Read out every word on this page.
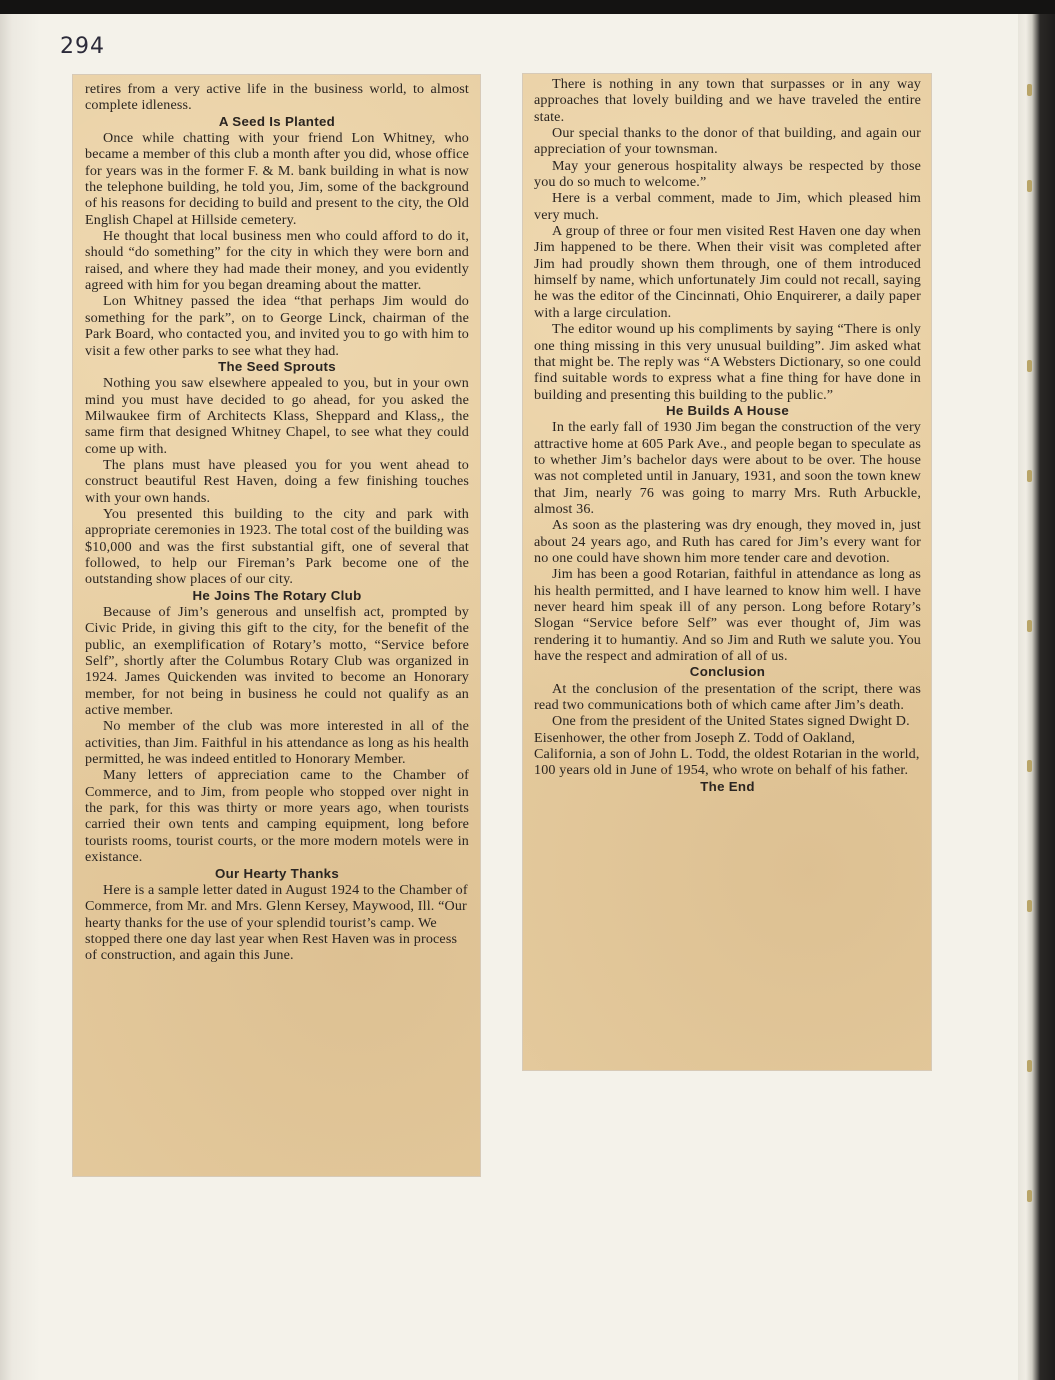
294

retires from a very active life in the business world, to almost complete idleness.

A Seed Is Planted

Once while chatting with your friend Lon Whitney, who became a member of this club a month after you did, whose office for years was in the former F. & M. bank building in what is now the telephone building, he told you, Jim, some of the background of his reasons for deciding to build and present to the city, the Old English Chapel at Hillside cemetery.

He thought that local business men who could afford to do it, should “do something” for the city in which they were born and raised, and where they had made their money, and you evidently agreed with him for you began dreaming about the matter.

Lon Whitney passed the idea “that perhaps Jim would do something for the park”, on to George Linck, chairman of the Park Board, who contacted you, and invited you to go with him to visit a few other parks to see what they had.

The Seed Sprouts

Nothing you saw elsewhere appealed to you, but in your own mind you must have decided to go ahead, for you asked the Milwaukee firm of Architects Klass, Sheppard and Klass,, the same firm that designed Whitney Chapel, to see what they could come up with.

The plans must have pleased you for you went ahead to construct beautiful Rest Haven, doing a few finishing touches with your own hands.

You presented this building to the city and park with appropriate ceremonies in 1923. The total cost of the building was $10,000 and was the first substantial gift, one of several that followed, to help our Fireman’s Park become one of the outstanding show places of our city.

He Joins The Rotary Club

Because of Jim’s generous and unselfish act, prompted by Civic Pride, in giving this gift to the city, for the benefit of the public, an exemplification of Rotary’s motto, “Service before Self”, shortly after the Columbus Rotary Club was organized in 1924. James Quickenden was invited to become an Honorary member, for not being in business he could not qualify as an active member.

No member of the club was more interested in all of the activities, than Jim. Faithful in his attendance as long as his health permitted, he was indeed entitled to Honorary Member.

Many letters of appreciation came to the Chamber of Commerce, and to Jim, from people who stopped over night in the park, for this was thirty or more years ago, when tourists carried their own tents and camping equipment, long before tourists rooms, tourist courts, or the more modern motels were in existance.

Our Hearty Thanks

Here is a sample letter dated in August 1924 to the Chamber of Commerce, from Mr. and Mrs. Glenn Kersey, Maywood, Ill. “Our hearty thanks for the use of your splendid tourist’s camp. We stopped there one day last year when Rest Haven was in process of construction, and again this June.

There is nothing in any town that surpasses or in any way approaches that lovely building and we have traveled the entire state.

Our special thanks to the donor of that building, and again our appreciation of your townsman.

May your generous hospitality always be respected by those you do so much to welcome.”

Here is a verbal comment, made to Jim, which pleased him very much.

A group of three or four men visited Rest Haven one day when Jim happened to be there. When their visit was completed after Jim had proudly shown them through, one of them introduced himself by name, which unfortunately Jim could not recall, saying he was the editor of the Cincinnati, Ohio Enquirerer, a daily paper with a large circulation.

The editor wound up his compliments by saying “There is only one thing missing in this very unusual building”. Jim asked what that might be. The reply was “A Websters Dictionary, so one could find suitable words to express what a fine thing for have done in building and presenting this building to the public.”

He Builds A House

In the early fall of 1930 Jim began the construction of the very attractive home at 605 Park Ave., and people began to speculate as to whether Jim’s bachelor days were about to be over. The house was not completed until in January, 1931, and soon the town knew that Jim, nearly 76 was going to marry Mrs. Ruth Arbuckle, almost 36.

As soon as the plastering was dry enough, they moved in, just about 24 years ago, and Ruth has cared for Jim’s every want for no one could have shown him more tender care and devotion.

Jim has been a good Rotarian, faithful in attendance as long as his health permitted, and I have learned to know him well. I have never heard him speak ill of any person. Long before Rotary’s Slogan “Service before Self” was ever thought of, Jim was rendering it to humantiy. And so Jim and Ruth we salute you. You have the respect and admiration of all of us.

Conclusion

At the conclusion of the presentation of the script, there was read two communications both of which came after Jim’s death.

One from the president of the United States signed Dwight D. Eisenhower, the other from Joseph Z. Todd of Oakland, California, a son of John L. Todd, the oldest Rotarian in the world, 100 years old in June of 1954, who wrote on behalf of his father.

The End
